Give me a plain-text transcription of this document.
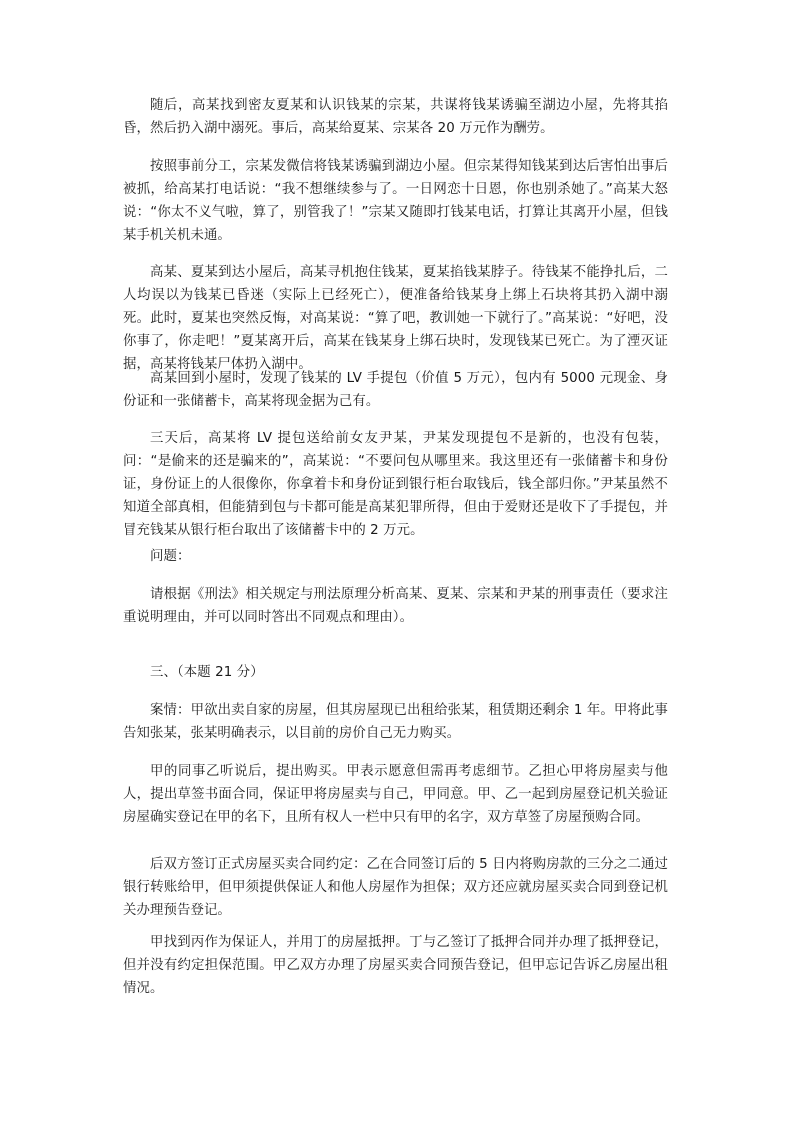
随后，高某找到密友夏某和认识钱某的宗某，共谋将钱某诱骗至湖边小屋，先将其掐昏，然后扔入湖中溺死。事后，高某给夏某、宗某各 20 万元作为酬劳。

按照事前分工，宗某发微信将钱某诱骗到湖边小屋。但宗某得知钱某到达后害怕出事后被抓，给高某打电话说：“我不想继续参与了。一日网恋十日恩，你也别杀她了。”高某大怒说：“你太不义气啦，算了，别管我了！”宗某又随即打钱某电话，打算让其离开小屋，但钱某手机关机未通。

高某、夏某到达小屋后，高某寻机抱住钱某，夏某掐钱某脖子。待钱某不能挣扎后，二人均误以为钱某已昏迷（实际上已经死亡），便准备给钱某身上绑上石块将其扔入湖中溺死。此时，夏某也突然反悔，对高某说：“算了吧，教训她一下就行了。”高某说：“好吧，没你事了，你走吧！”夏某离开后，高某在钱某身上绑石块时，发现钱某已死亡。为了湮灭证据，高某将钱某尸体扔入湖中。

高某回到小屋时，发现了钱某的 LV 手提包（价值 5 万元），包内有 5000 元现金、身份证和一张储蓄卡，高某将现金据为己有。

三天后，高某将 LV 提包送给前女友尹某，尹某发现提包不是新的，也没有包装，问：“是偷来的还是骗来的”，高某说：“不要问包从哪里来。我这里还有一张储蓄卡和身份证，身份证上的人很像你，你拿着卡和身份证到银行柜台取钱后，钱全部归你。”尹某虽然不知道全部真相，但能猜到包与卡都可能是高某犯罪所得，但由于爱财还是收下了手提包，并冒充钱某从银行柜台取出了该储蓄卡中的 2 万元。

问题：

请根据《刑法》相关规定与刑法原理分析高某、夏某、宗某和尹某的刑事责任（要求注重说明理由，并可以同时答出不同观点和理由）。

三、（本题 21 分）

案情：甲欲出卖自家的房屋，但其房屋现已出租给张某，租赁期还剩余 1 年。甲将此事告知张某，张某明确表示，以目前的房价自己无力购买。

甲的同事乙听说后，提出购买。甲表示愿意但需再考虑细节。乙担心甲将房屋卖与他人，提出草签书面合同，保证甲将房屋卖与自己，甲同意。甲、乙一起到房屋登记机关验证房屋确实登记在甲的名下，且所有权人一栏中只有甲的名字，双方草签了房屋预购合同。

后双方签订正式房屋买卖合同约定：乙在合同签订后的 5 日内将购房款的三分之二通过银行转账给甲，但甲须提供保证人和他人房屋作为担保；双方还应就房屋买卖合同到登记机关办理预告登记。

甲找到丙作为保证人，并用丁的房屋抵押。丁与乙签订了抵押合同并办理了抵押登记，但并没有约定担保范围。甲乙双方办理了房屋买卖合同预告登记，但甲忘记告诉乙房屋出租情况。
